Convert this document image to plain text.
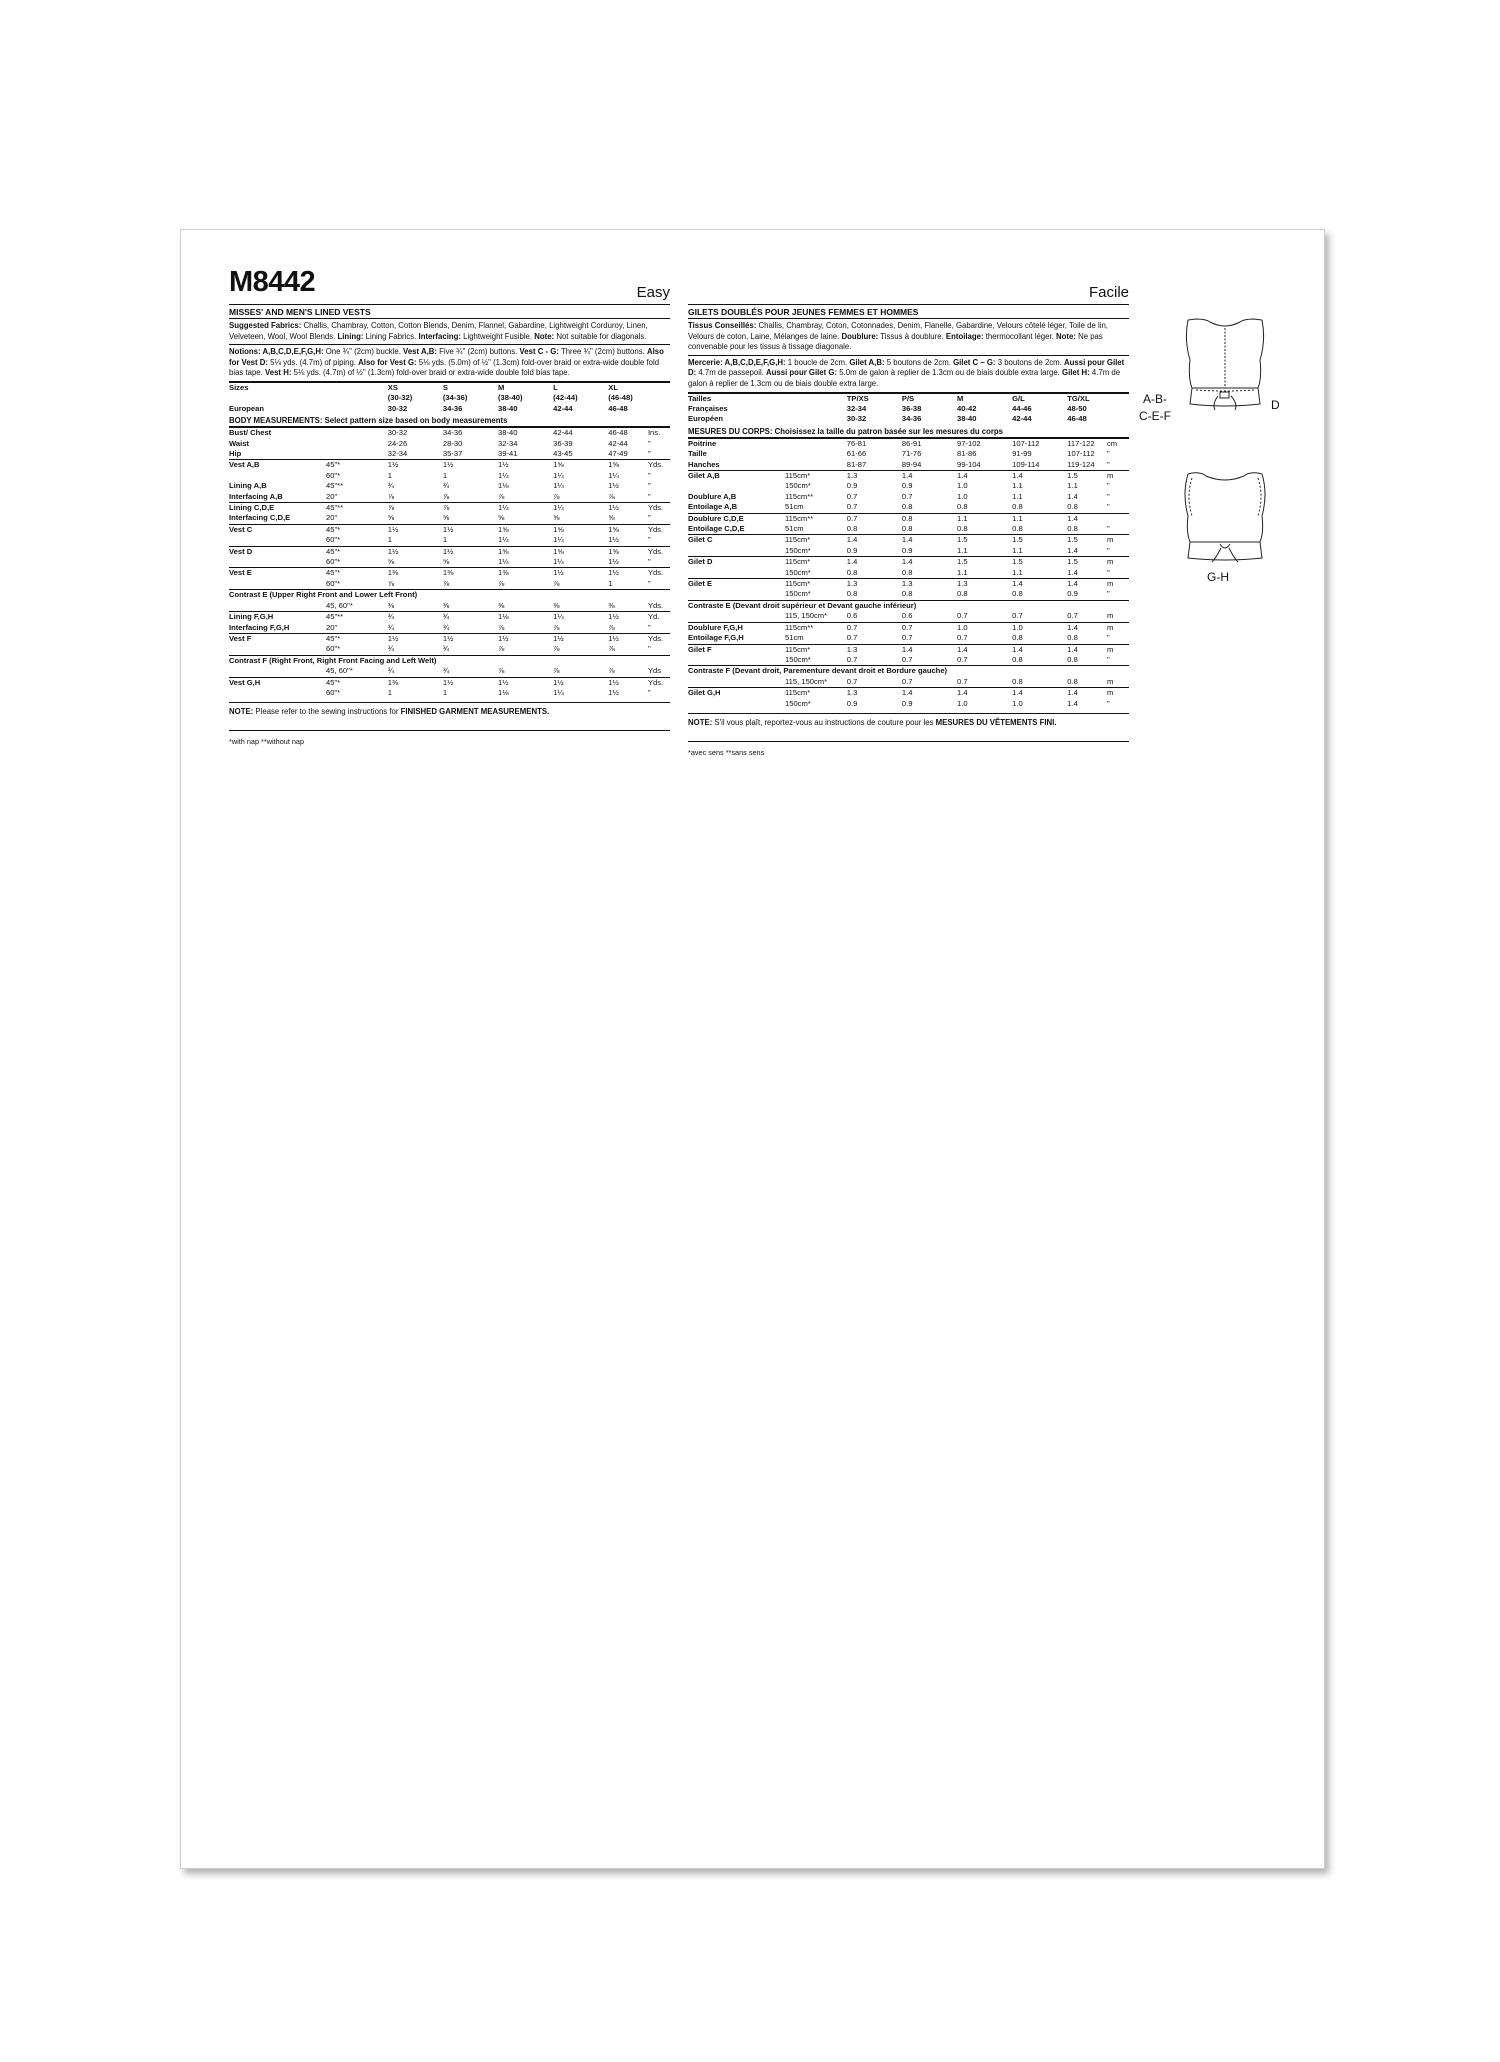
M8442	Easy
MISSES' AND MEN'S LINED VESTS

Suggested Fabrics: Challis, Chambray, Cotton, Cotton Blends, Denim, Flannel, Gabardine, Lightweight Corduroy, Linen, Velveteen, Wool, Wool Blends. Lining: Lining Fabrics. Interfacing: Lightweight Fusible. Note: Not suitable for diagonals.

Notions: A,B,C,D,E,F,G,H: One ¾" (2cm) buckle. Vest A,B: Five ¾" (2cm) buttons. Vest C - G: Three ¾" (2cm) buttons. Also for Vest D: 5⅛ yds. (4.7m) of piping. Also for Vest G: 5⅛ yds. (5.0m) of ½" (1.3cm) fold-over braid or extra-wide double fold bias tape. Vest H: 5⅛ yds. (4.7m) of ½" (1.3cm) fold-over braid or extra-wide double fold bias tape.

Sizes		XS	S	M	L	XL	
		(30-32)	(34-36)	(38-40)	(42-44)	(46-48)	
European		30-32	34-36	38-40	42-44	46-48	
BODY MEASUREMENTS: Select pattern size based on body measurements
Bust/ Chest		30-32	34-36	38-40	42-44	46-48	Ins.
Waist		24-26	28-30	32-34	36-39	42-44	"
Hip		32-34	35-37	39-41	43-45	47-49	"
Vest A,B	45"*	1½	1½	1½	1⅝	1⅝	Yds.
	60"*	1	1	1¼	1¼	1¼	"
Lining A,B	45"**	¾	¾	1⅛	1¼	1½	"
Interfacing A,B	20"	⅞	⅞	⅞	⅞	⅞	"
Lining C,D,E	45"**	⅞	⅞	1¼	1¼	1½	Yds.
Interfacing C,D,E	20"	⅝	⅝	⅝	⅝	⅝	"
Vest C	45"*	1½	1½	1⅝	1⅝	1⅝	Yds.
	60"*	1	1	1¼	1¼	1½	"
Vest D	45"*	1½	1½	1⅝	1⅝	1⅝	Yds.
	60"*	⅝	⅝	1¼	1¼	1½	"
Vest E	45"*	1⅜	1⅜	1⅜	1½	1½	Yds.
	60"*	⅞	⅞	⅞	⅞	1	"
Contrast E (Upper Right Front and Lower Left Front)							
	45, 60"*	⅜	⅜	⅜	⅜	⅜	Yds.
Lining F,G,H	45"**	¾	¾	1⅛	1¼	1½	Yd.
Interfacing F,G,H	20"	¾	¾	⅞	⅞	⅞	"
Vest F	45"*	1½	1½	1½	1½	1½	Yds.
	60"*	¾	¾	⅞	⅞	⅞	"
Contrast F (Right Front, Right Front Facing and Left Welt)							
	45, 60"*	¾	¾	⅞	⅞	⅞	Yds
Vest G,H	45"*	1⅜	1½	1½	1½	1½	Yds.
	60"*	1	1	1⅛	1¼	1½	"
NOTE: Please refer to the sewing instructions for FINISHED GARMENT MEASUREMENTS.
*with nap **without nap
Facile
GILETS DOUBLÉS POUR JEUNES FEMMES ET HOMMES

Tissus Conseillés: Challis, Chambray, Coton, Cotonnades, Denim, Flanelle, Gabardine, Velours côtelé léger, Toile de lin, Velours de coton, Laine, Mélanges de laine. Doublure: Tissus à doublure. Entoilage: thermocollant léger. Note: Ne pas convenable pour les tissus à tissage diagonale.

Mercerie: A,B,C,D,E,F,G,H: 1 boucle de 2cm. Gilet A,B: 5 boutons de 2cm. Gilet C – G: 3 boutons de 2cm. Aussi pour Gilet D: 4.7m de passepoil. Aussi pour Gilet G: 5.0m de galon à replier de 1.3cm ou de biais double extra large. Gilet H: 4.7m de galon à replier de 1.3cm ou de biais double extra large.

Tailles		TP/XS	P/S	M	G/L	TG/XL	
Françaises		32-34	36-38	40-42	44-46	48-50	
Européen		30-32	34-36	38-40	42-44	46-48	
MESURES DU CORPS: Choisissez la taille du patron basée sur les mesures du corps
Poitrine		76-81	86-91	97-102	107-112	117-122	cm
Taille		61-66	71-76	81-86	91-99	107-112	"
Hanches		81-87	89-94	99-104	109-114	119-124	"
Gilet A,B	115cm*	1.3	1.4	1.4	1.4	1.5	m
	150cm*	0.9	0.9	1.0	1.1	1.1	"
Doublure A,B	115cm**	0.7	0.7	1.0	1.1	1.4	"
Entoilage A,B	51cm	0.7	0.8	0.8	0.8	0.8	"
Doublure C,D,E	115cm**	0.7	0.8	1.1	1.1	1.4	
Entoilage C,D,E	51cm	0.8	0.8	0.8	0.8	0.8	"
Gilet C	115cm*	1.4	1.4	1.5	1.5	1.5	m
	150cm*	0.9	0.9	1.1	1.1	1.4	"
Gilet D	115cm*	1.4	1.4	1.5	1.5	1.5	m
	150cm*	0.8	0.8	1.1	1.1	1.4	"
Gilet E	115cm*	1.3	1.3	1.3	1.4	1.4	m
	150cm*	0.8	0.8	0.8	0.8	0.9	"
Contraste E (Devant droit supérieur et Devant gauche inférieur)							
	115, 150cm*	0.6	0.6	0.7	0.7	0.7	m
Doublure F,G,H	115cm**	0.7	0.7	1.0	1.0	1.4	m
Entoilage F,G,H	51cm	0.7	0.7	0.7	0.8	0.8	"
Gilet F	115cm*	1.3	1.4	1.4	1.4	1.4	m
	150cm*	0.7	0.7	0.7	0.8	0.8	"
Contraste F (Devant droit, Parementure devant droit et Bordure gauche)							
	115, 150cm*	0.7	0.7	0.7	0.8	0.8	m
Gilet G,H	115cm*	1.3	1.4	1.4	1.4	1.4	m
	150cm*	0.9	0.9	1.0	1.0	1.4	"
NOTE: S'il vous plaît, reportez-vous au instructions de couture pour les MESURES DU VÊTEMENTS FINI.
*avec sens **sans sens
A-B-
C-E-F
D
G-H
